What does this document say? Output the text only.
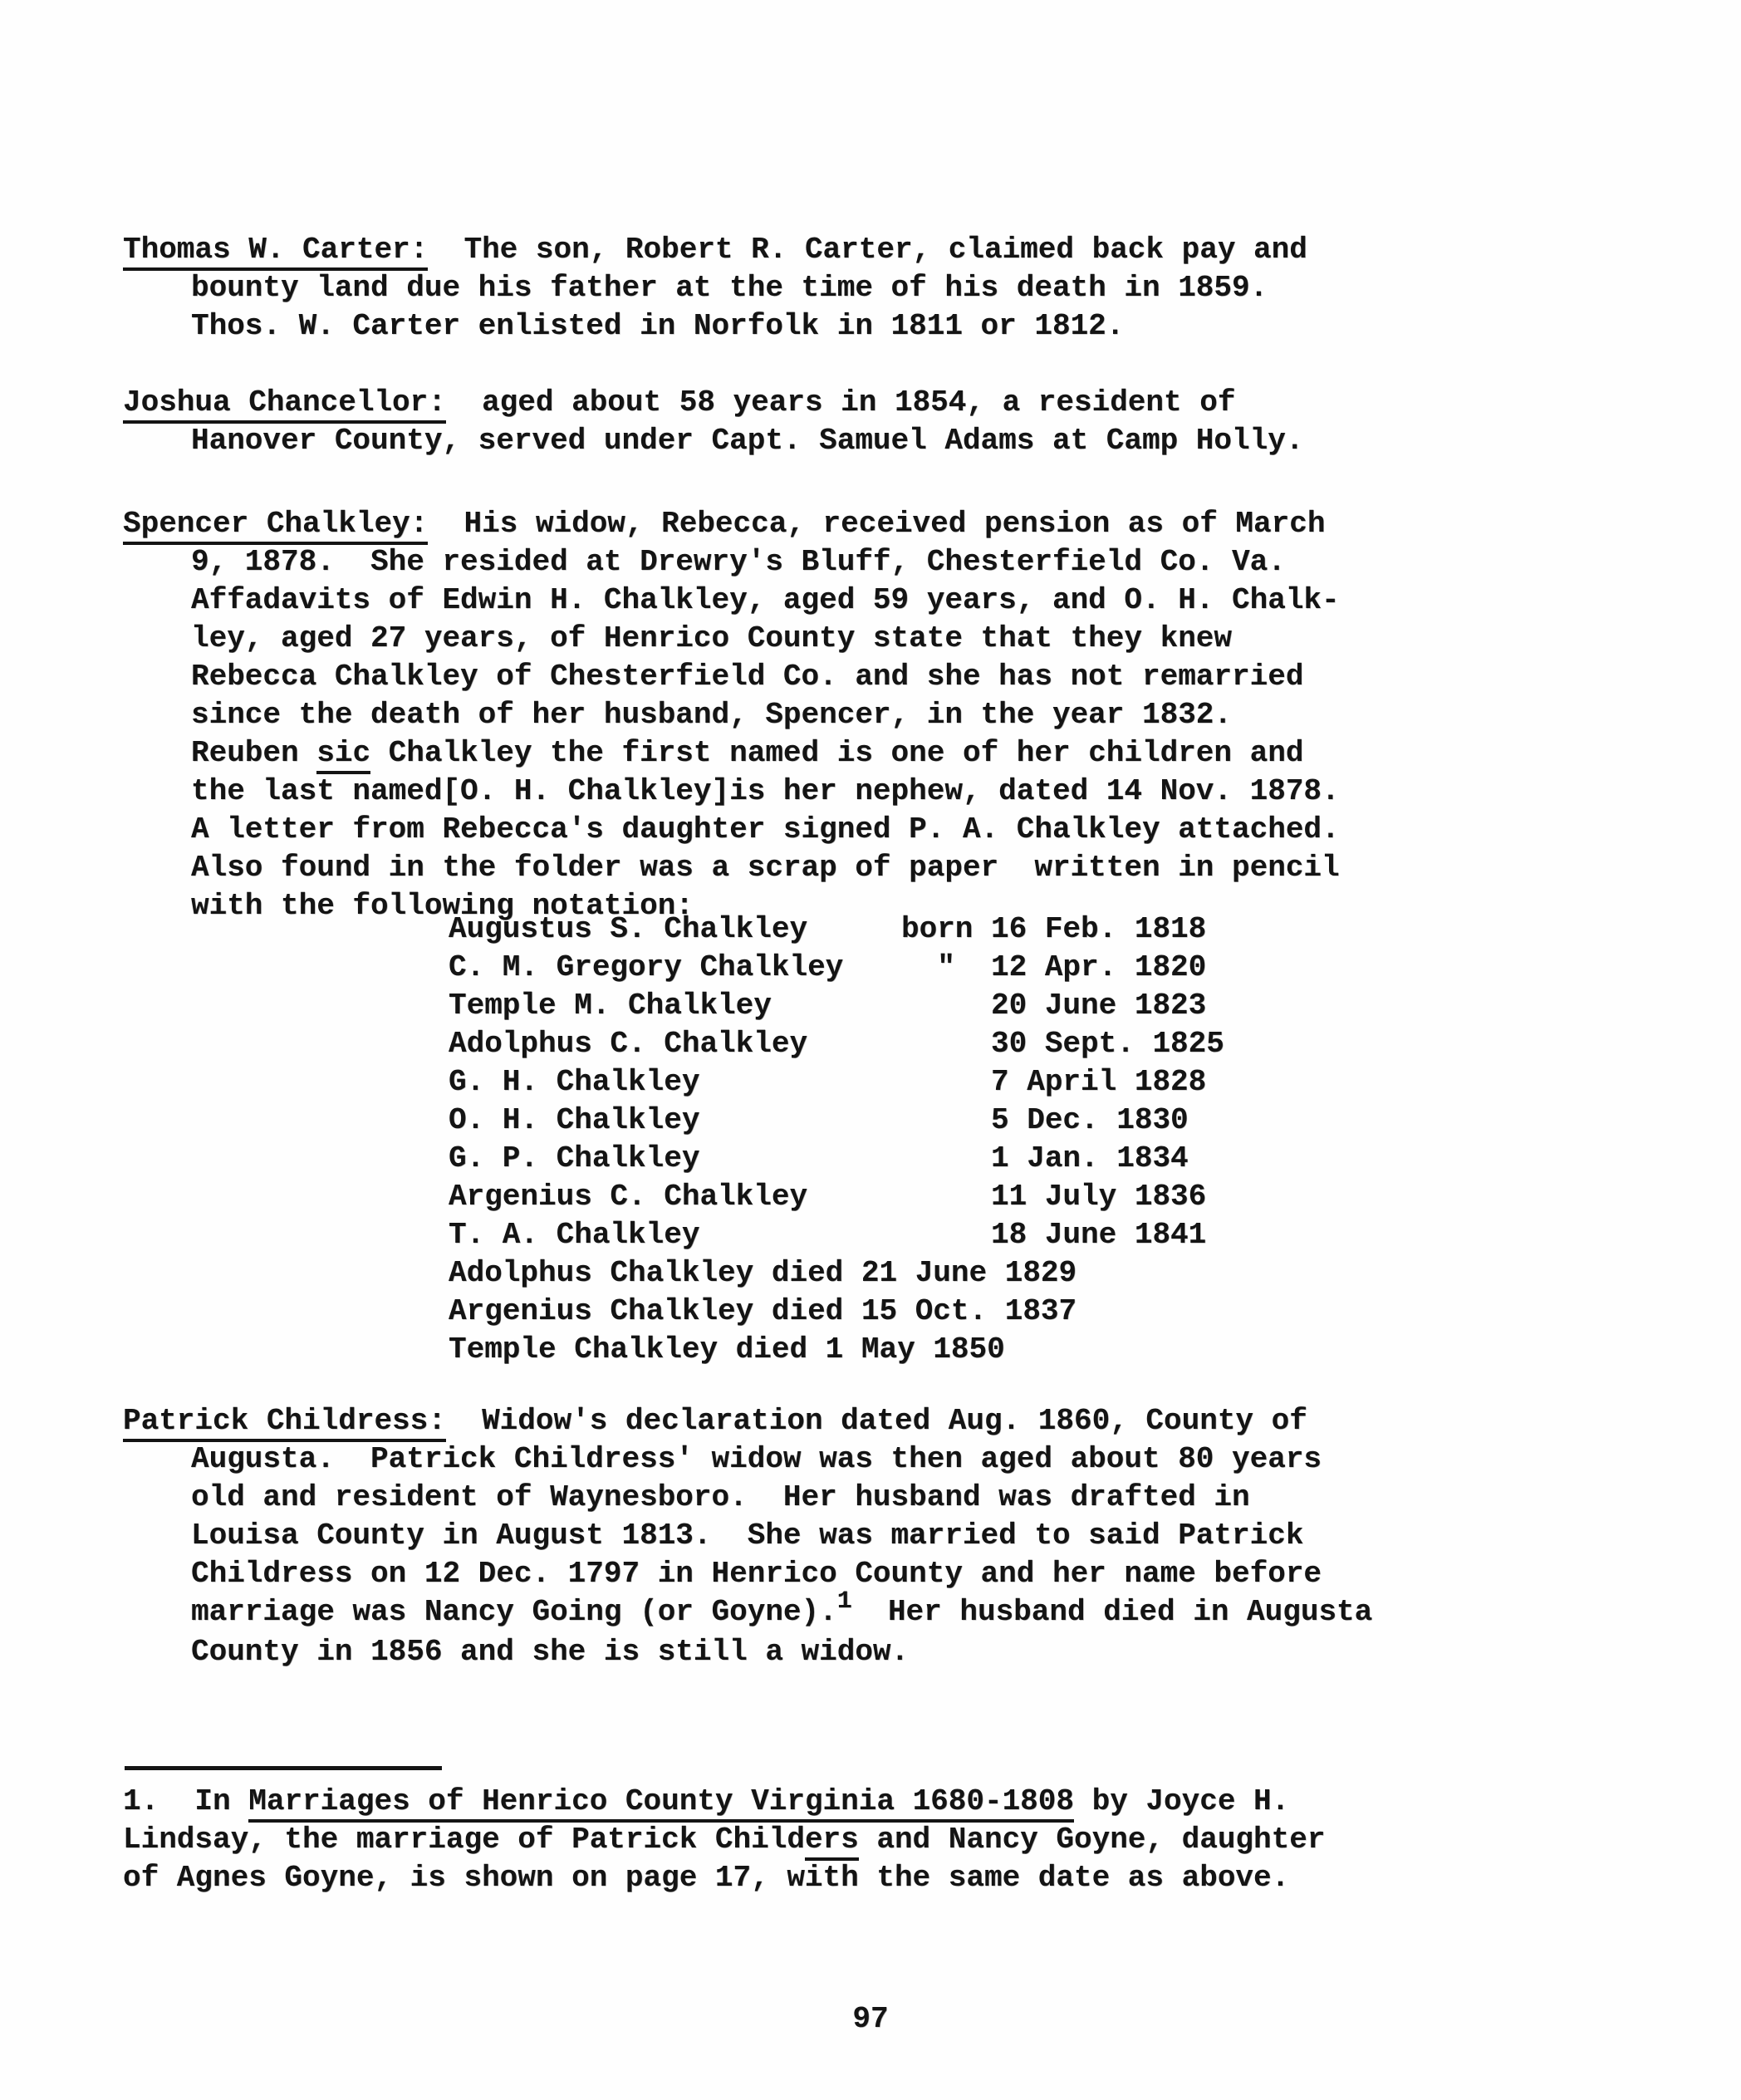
Thomas W. Carter:  The son, Robert R. Carter, claimed back pay and
bounty land due his father at the time of his death in 1859.
Thos. W. Carter enlisted in Norfolk in 1811 or 1812.
Joshua Chancellor:  aged about 58 years in 1854, a resident of
Hanover County, served under Capt. Samuel Adams at Camp Holly.
Spencer Chalkley:  His widow, Rebecca, received pension as of March
9, 1878.  She resided at Drewry's Bluff, Chesterfield Co. Va.
Affadavits of Edwin H. Chalkley, aged 59 years, and O. H. Chalk-
ley, aged 27 years, of Henrico County state that they knew
Rebecca Chalkley of Chesterfield Co. and she has not remarried
since the death of her husband, Spencer, in the year 1832.
Reuben sic Chalkley the first named is one of her children and
the last named[O. H. Chalkley]is her nephew, dated 14 Nov. 1878.
A letter from Rebecca's daughter signed P. A. Chalkley attached.
Also found in the folder was a scrap of paper  written in pencil
with the following notation:
Augustus S. Chalkley	born 16 Feb. 1818
C. M. Gregory Chalkley  "  12 Apr. 1820
Temple M. Chalkley	20 June 1823
Adolphus C. Chalkley	30 Sept. 1825
G. H. Chalkley	7 April 1828
O. H. Chalkley	5 Dec. 1830
G. P. Chalkley	1 Jan. 1834
Argenius C. Chalkley	11 July 1836
T. A. Chalkley	18 June 1841
Adolphus Chalkley died 21 June 1829
Argenius Chalkley died 15 Oct. 1837
Temple Chalkley died 1 May 1850
Patrick Childress:  Widow's declaration dated Aug. 1860, County of
Augusta.  Patrick Childress' widow was then aged about 80 years
old and resident of Waynesboro.  Her husband was drafted in
Louisa County in August 1813.  She was married to said Patrick
Childress on 12 Dec. 1797 in Henrico County and her name before
marriage was Nancy Going (or Goyne).$^1$  Her husband died in Augusta
County in 1856 and she is still a widow.
1.  In Marriages of Henrico County Virginia 1680-1808 by Joyce H.
Lindsay, the marriage of Patrick Childers and Nancy Goyne, daughter
of Agnes Goyne, is shown on page 17, with the same date as above.
97
